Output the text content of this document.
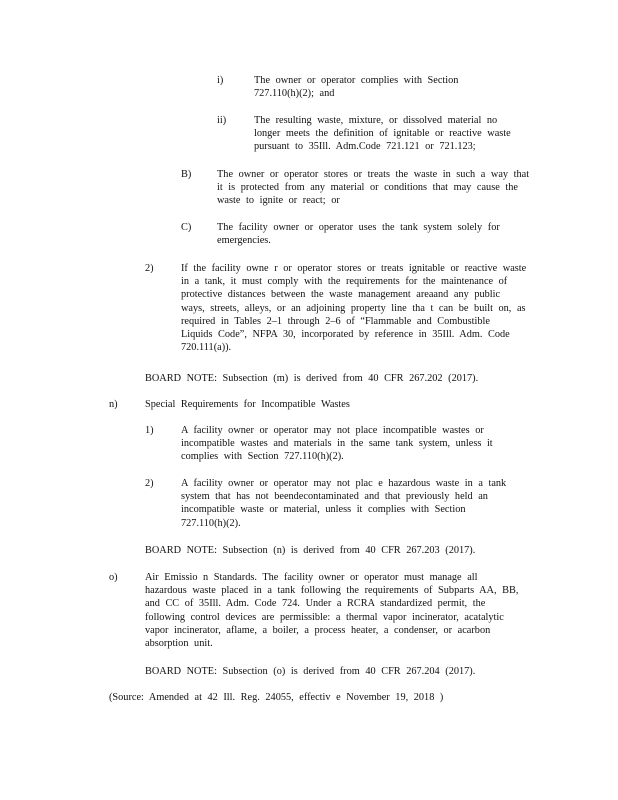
i)	The owner or operator complies with Section
727.110(h)(2); and
ii)	The resulting waste, mixture, or dissolved material no
longer meets the definition of ignitable or reactive waste
pursuant to 35Ill. Adm.Code 721.121 or 721.123;
B) The owner or operator stores or treats the waste in such a way that
it is protected from any material or conditions that may cause the
waste to ignite or react; or
C) The facility owner or operator uses the tank system solely for
emergencies.
2)	If the facility owne r or operator stores or treats ignitable or reactive waste
in a tank, it must comply with the requirements for the maintenance of
protective distances between the waste management areaand any public
ways, streets, alleys, or an adjoining property line tha t can be built on, as
required in Tables 2–1 through 2–6 of “Flammable and Combustible
Liquids Code”, NFPA 30, incorporated by reference in 35Ill. Adm. Code
720.111(a)).
BOARD NOTE: Subsection (m) is derived from 40 CFR 267.202 (2017).
n)	Special Requirements for Incompatible Wastes
1)	A facility owner or operator may not place incompatible wastes or
incompatible wastes and materials in the same tank system, unless it
complies with Section 727.110(h)(2).
2)	A facility owner or operator may not plac e hazardous waste in a tank
system that has not beendecontaminated and that previously held an
incompatible waste or material, unless it complies with Section
727.110(h)(2).
BOARD NOTE: Subsection (n) is derived from 40 CFR 267.203 (2017).
o)	Air Emissio n Standards. The facility owner or operator must manage all
hazardous waste placed in a tank following the requirements of Subparts AA, BB,
and CC of 35Ill. Adm. Code 724. Under a RCRA standardized permit, the
following control devices are permissible: a thermal vapor incinerator, acatalytic
vapor incinerator, aflame, a boiler, a process heater, a condenser, or acarbon
absorption unit.
BOARD NOTE: Subsection (o) is derived from 40 CFR 267.204 (2017).
(Source: Amended at 42 Ill. Reg. 24055, effectiv e November 19, 2018 )
